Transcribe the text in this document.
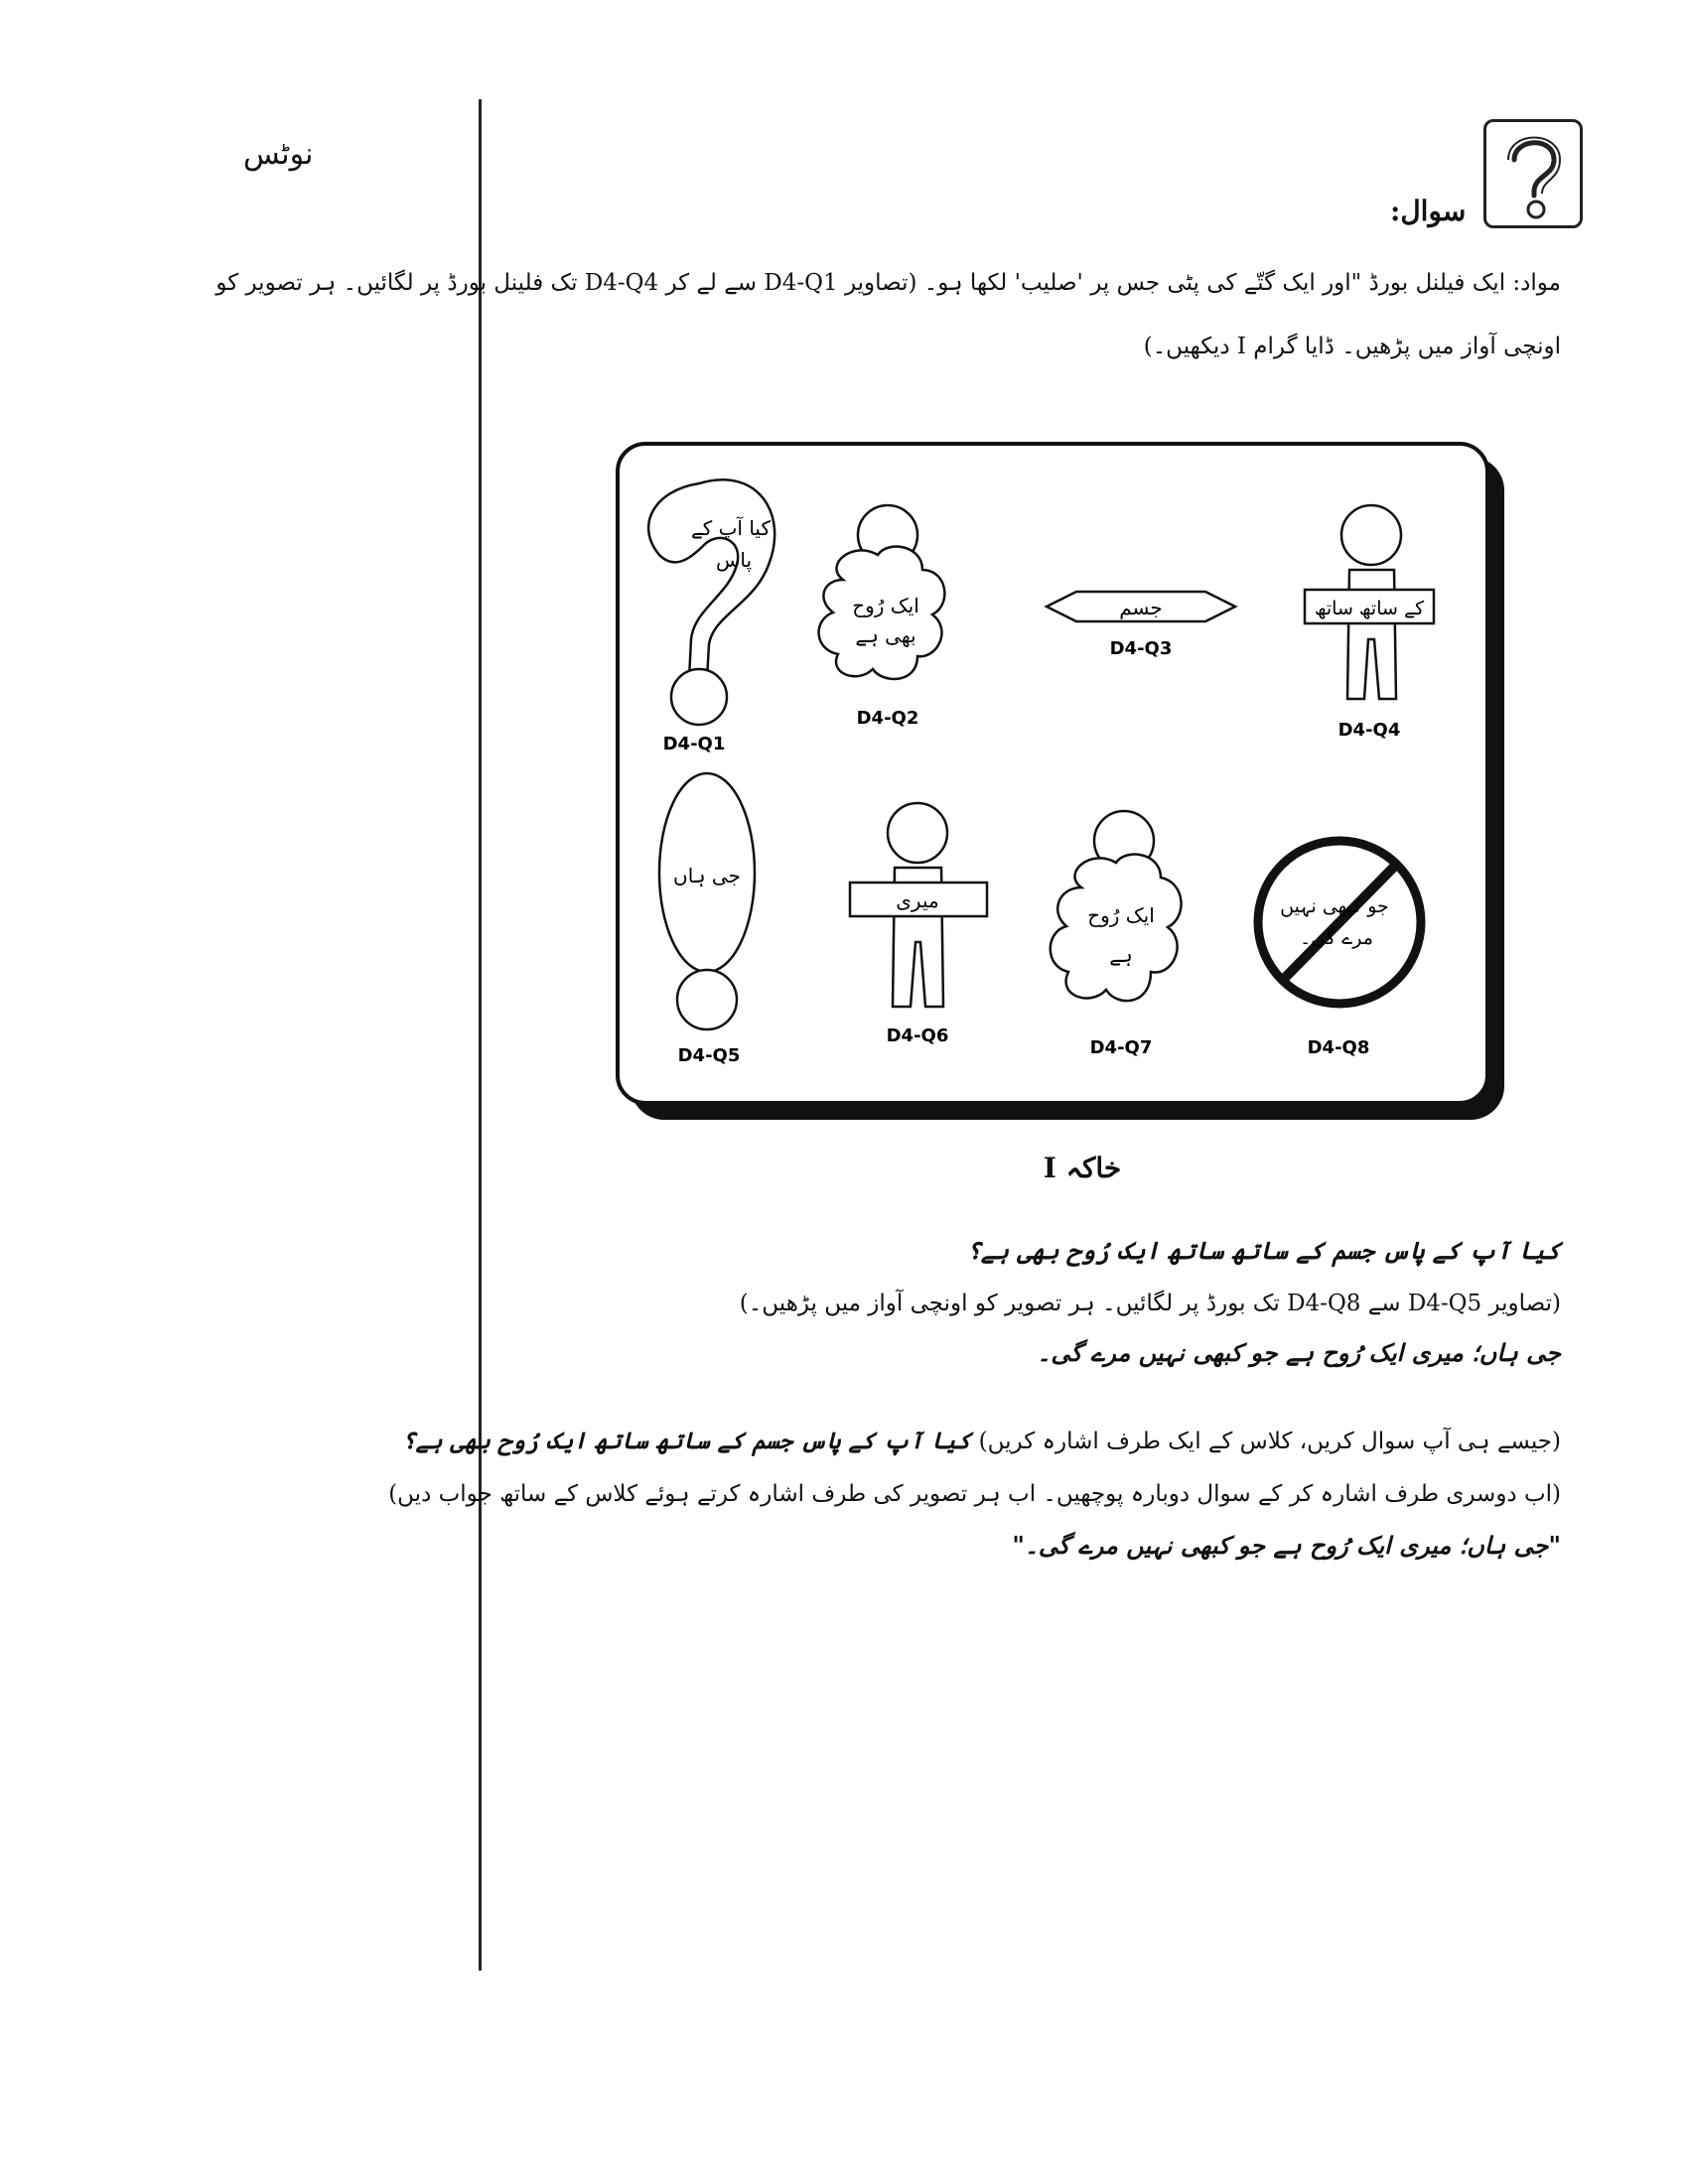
نوٹس
سوال:
مواد: ایک فیلنل بورڈ "اور ایک گتّے کی پٹی جس پر 'صلیب' لکھا ہو۔ (تصاویر D4-Q1 سے لے کر D4-Q4 تک فلینل بورڈ پر لگائیں۔ ہر تصویر کو
اونچی آواز میں پڑھیں۔ ڈایا گرام I دیکھیں۔)
کیا آپ کے
پاس
D4-Q1
ایک رُوح
بھی ہے
D4-Q2
جسم
D4-Q3
کے ساتھ ساتھ
D4-Q4
جی ہاں
D4-Q5
میری
D4-Q6
ایک رُوح
ہے
D4-Q7
جو کبھی نہیں
مرے گی۔
D4-Q8
خاکہ I
کیا آپ کے پاس جسم کے ساتھ ساتھ ایک رُوح بھی ہے؟
(تصاویر D4-Q5 سے D4-Q8 تک بورڈ پر لگائیں۔ ہر تصویر کو اونچی آواز میں پڑھیں۔)
جی ہاں؛ میری ایک رُوح ہے جو کبھی نہیں مرے گی۔
(جیسے ہی آپ سوال کریں، کلاس کے ایک طرف اشارہ کریں) کیا آپ کے پاس جسم کے ساتھ ساتھ ایک رُوح بھی ہے؟
(اب دوسری طرف اشارہ کر کے سوال دوبارہ پوچھیں۔ اب ہر تصویر کی طرف اشارہ کرتے ہوئے کلاس کے ساتھ جواب دیں)
"جی ہاں؛ میری ایک رُوح ہے جو کبھی نہیں مرے گی۔"
